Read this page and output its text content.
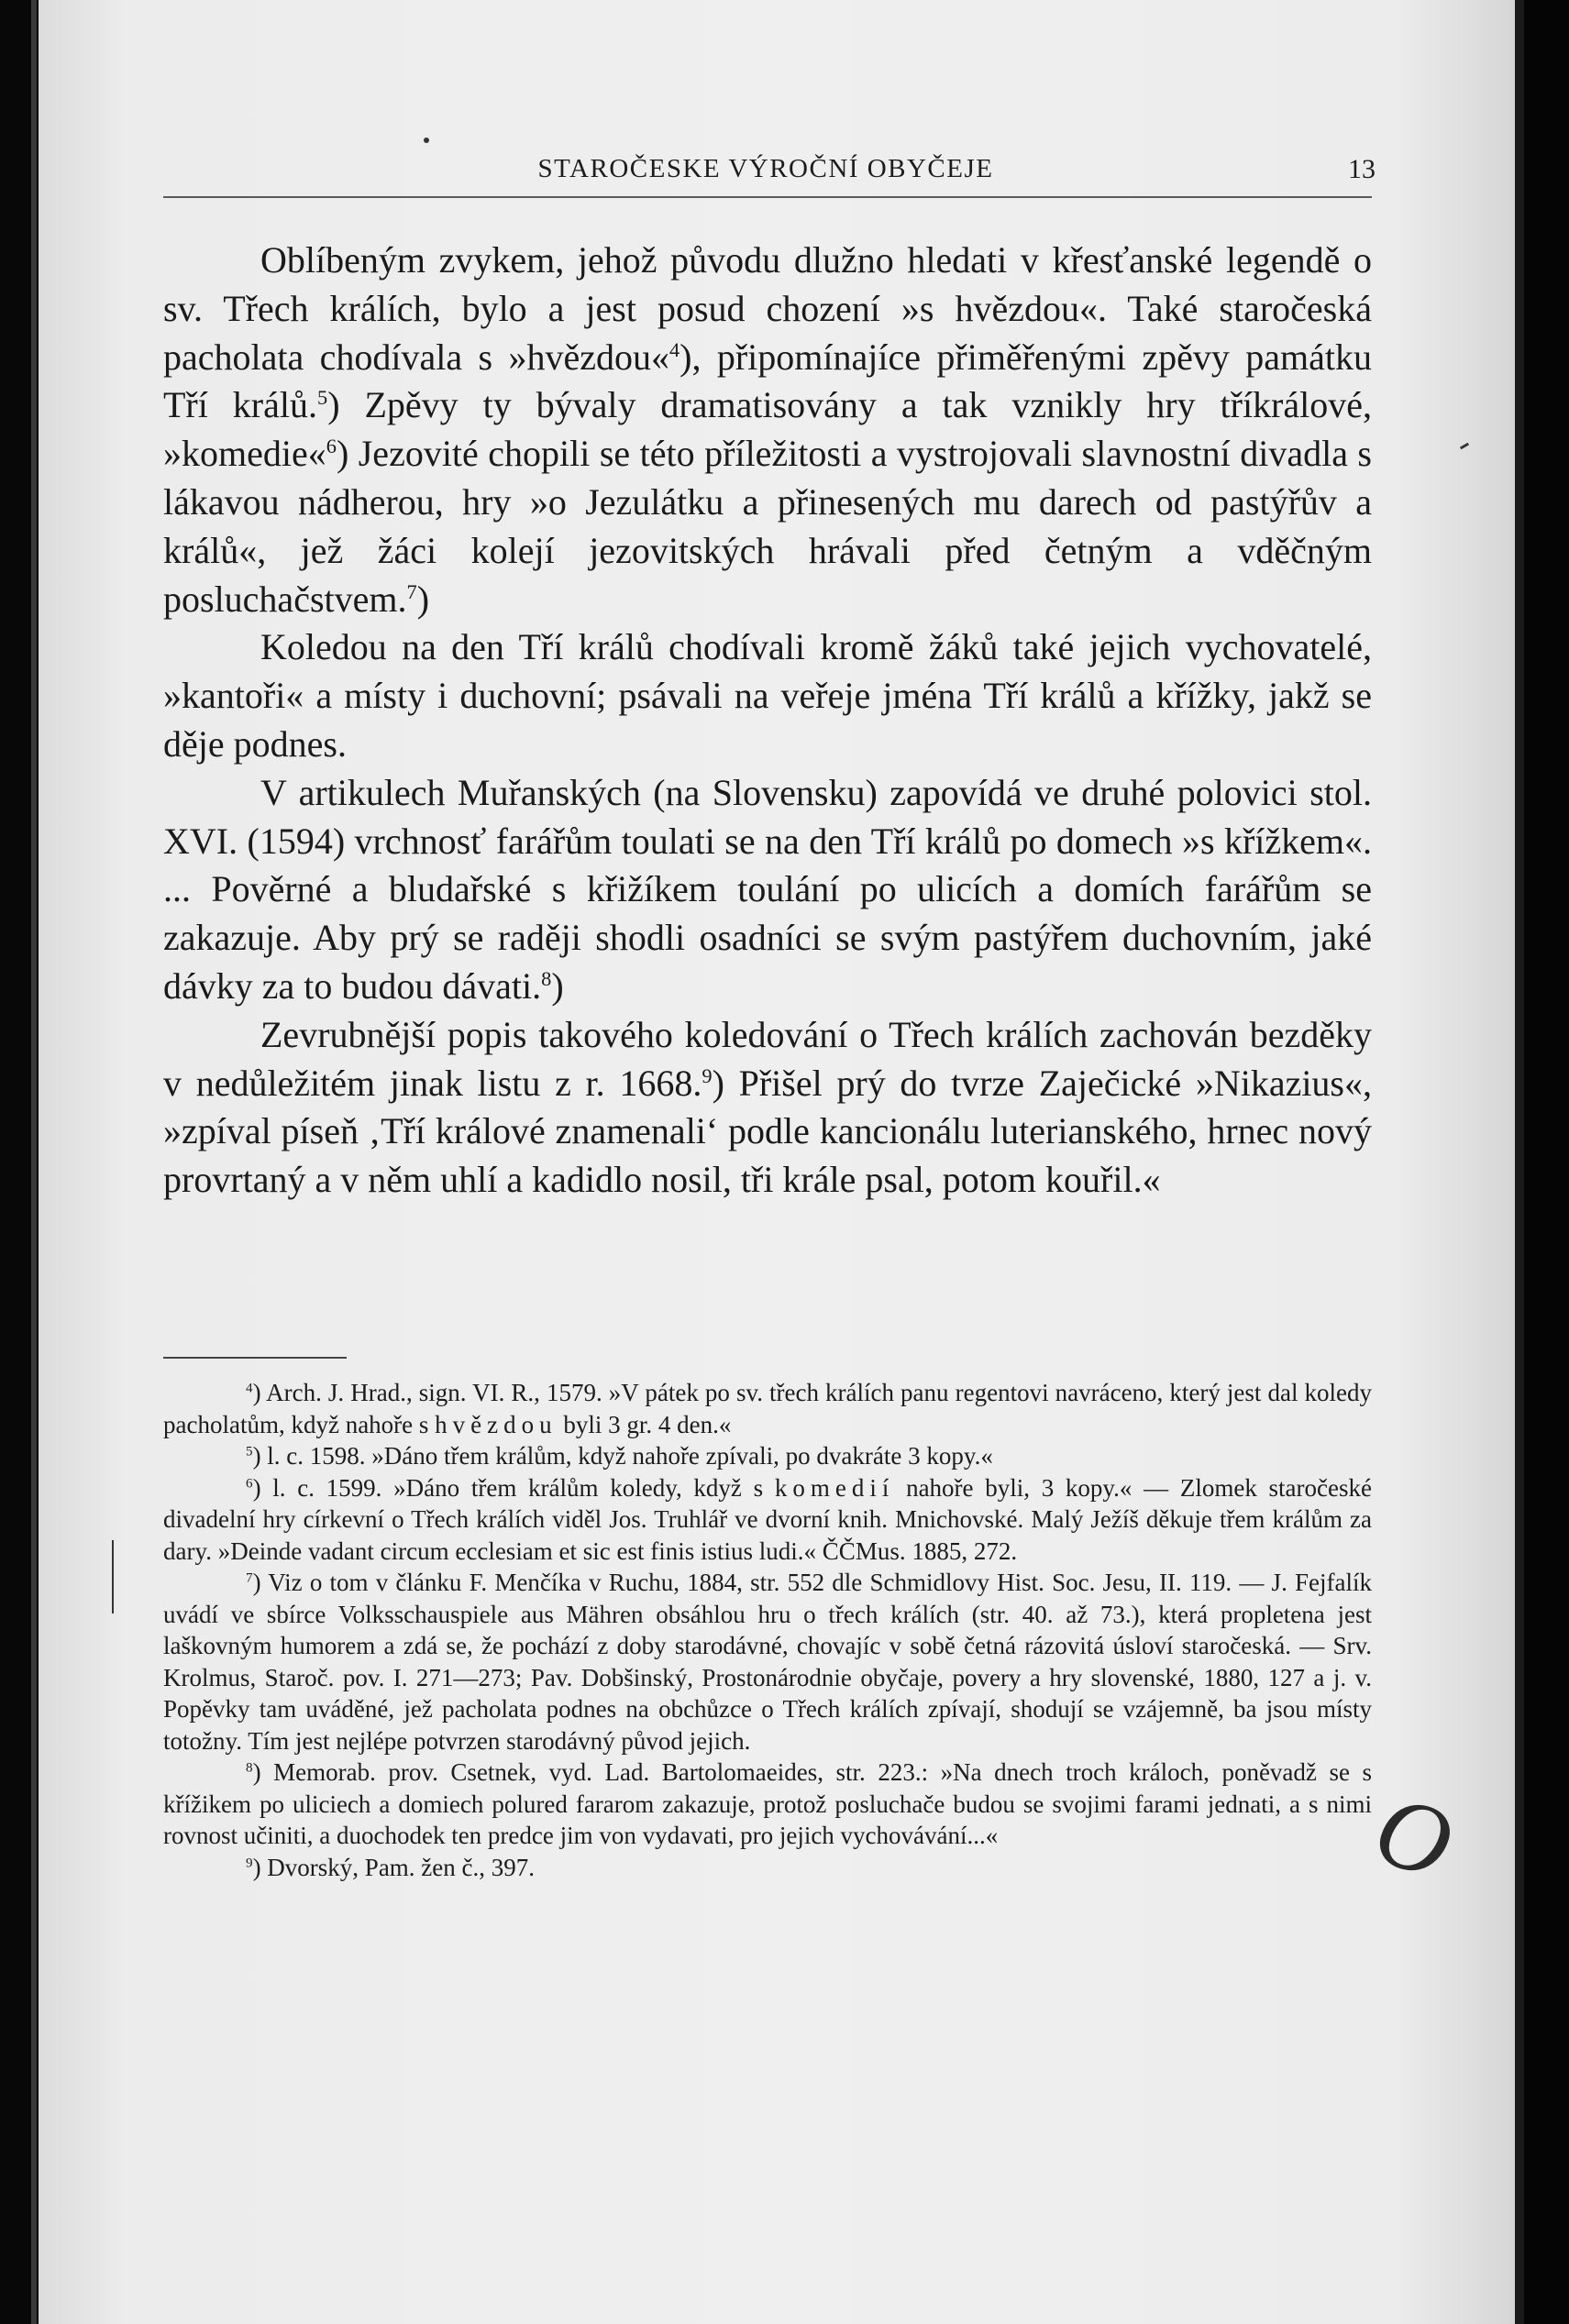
STAROČESKE VÝROČNÍ OBYČEJE	13

Oblíbeným zvykem, jehož původu dlužno hledati v křesťanské legendě o sv. Třech králích, bylo a jest posud chození »s hvězdou«. Také staročeská pacholata chodívala s »hvězdou«$^4$), připomínajíce přiměřenými zpěvy památku Tří králů.$^5$) Zpěvy ty bývaly dramatisovány a tak vznikly hry tříkrálové, »komedie«$^6$) Jezovité chopili se této příležitosti a vystrojovali slavnostní divadla s lákavou nádherou, hry »o Jezulátku a přinesených mu darech od pastýřův a králů«, jež žáci kolejí jezovitských hrávali před četným a vděčným posluchačstvem.$^7$)

Koledou na den Tří králů chodívali kromě žáků také jejich vychovatelé, »kantoři« a místy i duchovní; psávali na veřeje jména Tří králů a křížky, jakž se děje podnes.

V artikulech Muřanských (na Slovensku) zapovídá ve druhé polovici stol. XVI. (1594) vrchnosť farářům toulati se na den Tří králů po domech »s křížkem«. ... Pověrné a bludařské s křižíkem toulání po ulicích a domích farářům se zakazuje. Aby prý se raději shodli osadníci se svým pastýřem duchovním, jaké dávky za to budou dávati.$^8$)

Zevrubnější popis takového koledování o Třech králích zachován bezděky v nedůležitém jinak listu z r. 1668.$^9$) Přišel prý do tvrze Zaječické »Nikazius«, »zpíval píseň ‚Tří králové znamenali‘ podle kancionálu luterianského, hrnec nový provrtaný a v něm uhlí a kadidlo nosil, tři krále psal, potom kouřil.«

$^4$) Arch. J. Hrad., sign. VI. R., 1579. »V pátek po sv. třech králích panu regentovi navráceno, který jest dal koledy pacholatům, když nahoře s hvězdou byli 3 gr. 4 den.«

$^5$) l. c. 1598. »Dáno třem králům, když nahoře zpívali, po dvakráte 3 kopy.«

$^6$) l. c. 1599. »Dáno třem králům koledy, když s komedií nahoře byli, 3 kopy.« — Zlomek staročeské divadelní hry církevní o Třech králích viděl Jos. Truhlář ve dvorní knih. Mnichovské. Malý Ježíš děkuje třem králům za dary. »Deinde vadant circum ecclesiam et sic est finis istius ludi.« ČČMus. 1885, 272.

$^7$) Viz o tom v článku F. Menčíka v Ruchu, 1884, str. 552 dle Schmidlovy Hist. Soc. Jesu, II. 119. — J. Fejfalík uvádí ve sbírce Volksschauspiele aus Mähren obsáhlou hru o třech králích (str. 40. až 73.), která propletena jest laškovným humorem a zdá se, že pochází z doby starodávné, chovajíc v sobě četná rázovitá úsloví staročeská. — Srv. Krolmus, Staroč. pov. I. 271—273; Pav. Dobšinský, Prostonárodnie obyčaje, povery a hry slovenské, 1880, 127 a j. v. Popěvky tam uváděné, jež pacholata podnes na obchůzce o Třech králích zpívají, shodují se vzájemně, ba jsou místy totožny. Tím jest nejlépe potvrzen starodávný původ jejich.

$^8$) Memorab. prov. Csetnek, vyd. Lad. Bartolomaeides, str. 223.: »Na dnech troch králoch, poněvadž se s křížikem po uliciech a domiech polured fararom zakazuje, protož posluchače budou se svojimi farami jednati, a s nimi rovnost učiniti, a duochodek ten predce jim von vydavati, pro jejich vychovávání...«

$^9$) Dvorský, Pam. žen č., 397.	O
